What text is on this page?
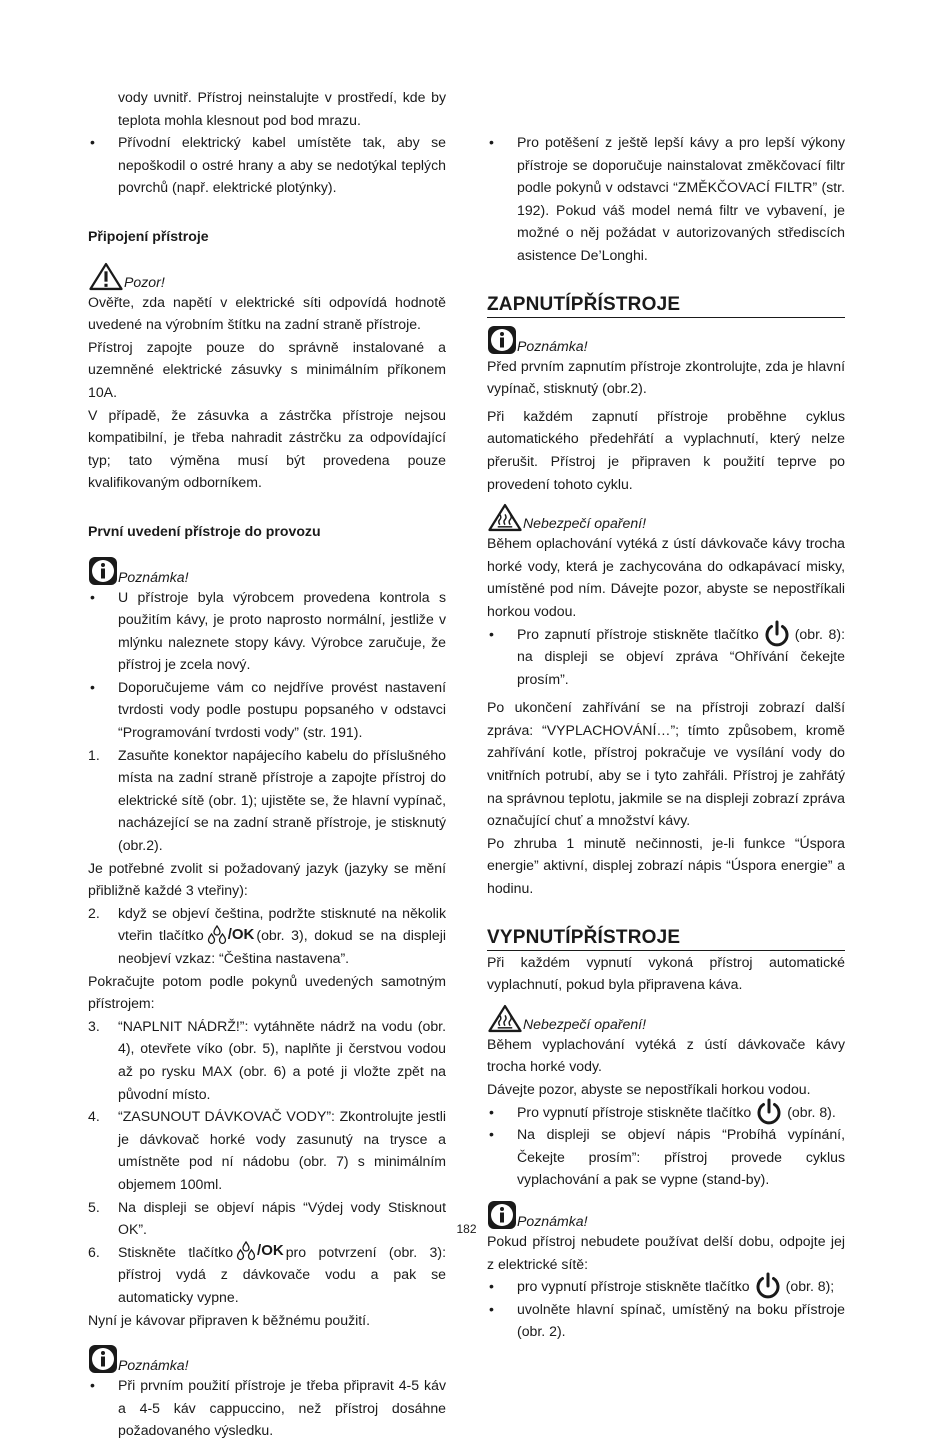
vody uvnitř. Přístroj neinstalujte v prostředí, kde by teplota mohla klesnout pod bod mrazu.

•	Přívodní elektrický kabel umístěte tak, aby se nepoškodil o ostré hrany a aby se nedotýkal teplých povrchů (např. elektrické plotýnky).
Připojení přístroje
Pozor!

Ověřte, zda napětí v elektrické síti odpovídá hodnotě uvedené na výrobním štítku na zadní straně přístroje.

Přístroj zapojte pouze do správně instalované a uzemněné elektrické zásuvky s minimálním příkonem 10A.

V případě, že zásuvka a zástrčka přístroje nejsou kompatibilní, je třeba nahradit zástrčku za odpovídající typ; tato výměna musí být provedena pouze kvalifikovaným odborníkem.

První uvedení přístroje do provozu
Poznámka!
•	U přístroje byla výrobcem provedena kontrola s použitím kávy, je proto naprosto normální, jestliže v mlýnku naleznete stopy kávy. Výrobce zaručuje, že přístroj je zcela nový.
•	Doporučujeme vám co nejdříve provést nastavení tvrdosti vody podle postupu popsaného v odstavci “Programování tvrdosti vody” (str. 191).
1.	Zasuňte konektor napájecího kabelu do příslušného místa na zadní straně přístroje a zapojte přístroj do elektrické sítě (obr. 1); ujistěte se, že hlavní vypínač, nacházející se na zadní straně přístroje, je stisknutý (obr.2).

Je potřebné zvolit si požadovaný jazyk (jazyky se mění přibližně každé 3 vteřiny):

2.	když se objeví čeština, podržte stisknuté na několik vteřin tlačítko /OK (obr. 3), dokud se na displeji neobjeví vzkaz: “Čeština nastavena”.

Pokračujte potom podle pokynů uvedených samotným přístrojem:

3.	“NAPLNIT NÁDRŽ!”: vytáhněte nádrž na vodu (obr. 4), otevřete víko (obr. 5), naplňte ji čerstvou vodou až po rysku MAX (obr. 6) a poté ji vložte zpět na původní místo.
4.	“ZASUNOUT DÁVKOVAČ VODY”: Zkontrolujte jestli je dávkovač horké vody zasunutý na trysce a umístněte pod ní nádobu (obr. 7) s minimálním objemem 100ml.
5.	Na displeji se objeví nápis “Výdej vody Stisknout OK”.
6.	Stiskněte tlačítko /OK pro potvrzení (obr. 3): přístroj vydá z dávkovače vodu a pak se automaticky vypne.

Nyní je kávovar připraven k běžnému použití.

Poznámka!
•	Při prvním použití přístroje je třeba připravit 4-5 káv a 4-5 káv cappuccino, než přístroj dosáhne požadovaného výsledku.
•	Pro potěšení z ještě lepší kávy a pro lepší výkony přístroje se doporučuje nainstalovat změkčovací filtr podle pokynů v odstavci “ZMĚKČOVACÍ FILTR” (str. 192). Pokud váš model nemá filtr ve vybavení, je možné o něj požádat v autorizovaných střediscích asistence De’Longhi.
ZAPNUTÍPŘÍSTROJE
Poznámka!

Před prvním zapnutím přístroje zkontrolujte, zda je hlavní vypínač, stisknutý (obr.2).

Při každém zapnutí přístroje proběhne cyklus automatického předehřátí a vyplachnutí, který nelze přerušit. Přístroj je připraven k použití teprve po provedení tohoto cyklu.

Nebezpečí opaření!

Během oplachování vytéká z ústí dávkovače kávy trocha horké vody, která je zachycována do odkapávací misky, umístěné pod ním. Dávejte pozor, abyste se nepostříkali horkou vodou.

•	Pro zapnutí přístroje stiskněte tlačítko	(obr. 8): na displeji se objeví zpráva “Ohřívání čekejte prosím”.

Po ukončení zahřívání se na přístroji zobrazí další zpráva: “VYPLACHOVÁNÍ…”; tímto způsobem, kromě zahřívání kotle, přístroj pokračuje ve vysílání vody do vnitřních potrubí, aby se i tyto zahřáli. Přístroj je zahřátý na správnou teplotu, jakmile se na displeji zobrazí zpráva označující chuť a množství kávy.

Po zhruba 1 minutě nečinnosti, je-li funkce “Úspora energie” aktivní, displej zobrazí nápis “Úspora energie” a hodinu.

VYPNUTÍPŘÍSTROJE

Při každém vypnutí vykoná přístroj automatické vyplachnutí, pokud byla připravena káva.

Nebezpečí opaření!

Během vyplachování vytéká z ústí dávkovače kávy trocha horké vody.

Dávejte pozor, abyste se nepostříkali horkou vodou.

•	Pro vypnutí přístroje stiskněte tlačítko	(obr. 8).
•	Na displeji se objeví nápis “Probíhá vypínání, Čekejte prosím”: přístroj provede cyklus vyplachování a pak se vypne (stand-by).
Poznámka!

Pokud přístroj nebudete používat delší dobu, odpojte jej z elektrické sítě:

•	pro vypnutí přístroje stiskněte tlačítko	(obr. 8);
•	uvolněte hlavní spínač, umístěný na boku přístroje (obr. 2).
182
